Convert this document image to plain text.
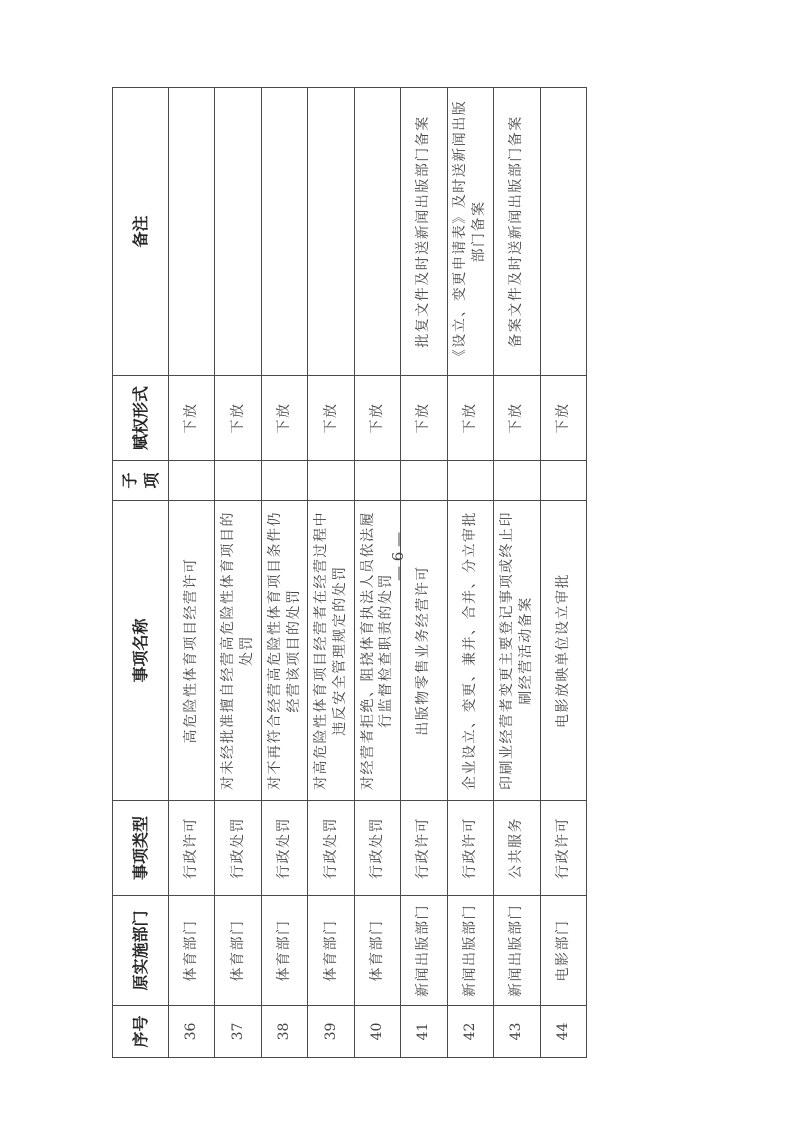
序号	原实施部门	事项类型	事项名称	子项	赋权形式	备注
36	体育部门	行政许可	高危险性体育项目经营许可		下放	
37	体育部门	行政处罚	对未经批准擅自经营高危险性体育项目的处罚		下放	
38	体育部门	行政处罚	对不再符合经营高危险性体育项目条件仍经营该项目的处罚		下放	
39	体育部门	行政处罚	对高危险性体育项目经营者在经营过程中违反安全管理规定的处罚		下放	
40	体育部门	行政处罚	对经营者拒绝、阻挠体育执法人员依法履行监督检查职责的处罚		下放	
41	新闻出版部门	行政许可	出版物零售业务经营许可		下放	批复文件及时送新闻出版部门备案
42	新闻出版部门	行政许可	企业设立、变更、兼并、合并、分立审批		下放	《设立、变更申请表》及时送新闻出版部门备案
43	新闻出版部门	公共服务	印刷业经营者变更主要登记事项或终止印刷经营活动备案		下放	备案文件及时送新闻出版部门备案
44	电影部门	行政许可	电影放映单位设立审批		下放	
— 6 —
